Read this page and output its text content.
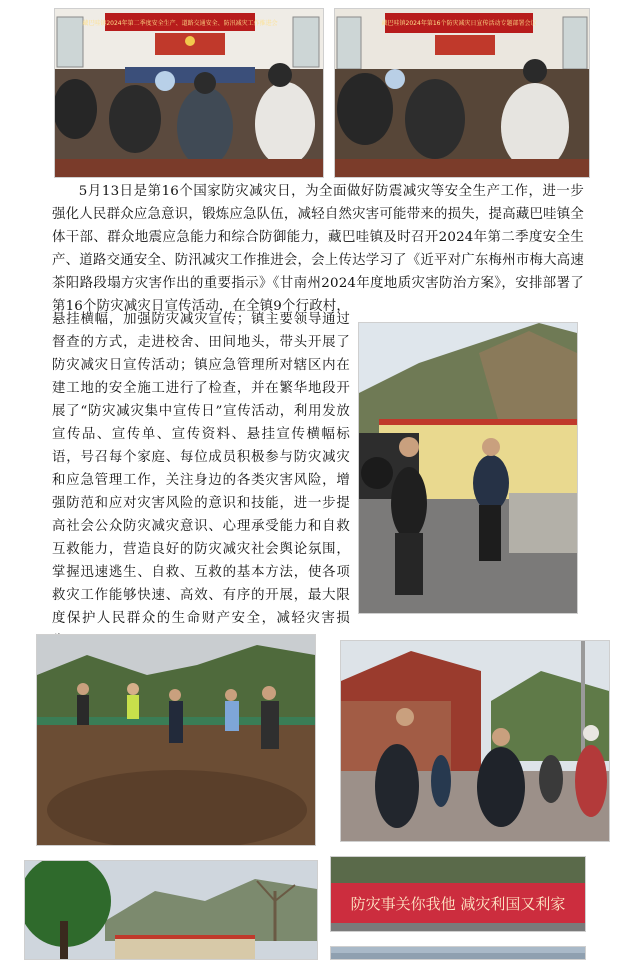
藏巴哇镇2024年第二季度安全生产、道路交通安全、防汛减灾工作推进会	藏巴哇镇2024年第16个防灾减灾日宣传活动专题部署会议

5月13日是第16个国家防灾减灾日，为全面做好防震减灾等安全生产工作，进一步强化人民群众应急意识，锻炼应急队伍，减轻自然灾害可能带来的损失，提高藏巴哇镇全体干部、群众地震应急能力和综合防御能力，藏巴哇镇及时召开2024年第二季度安全生产、道路交通安全、防汛减灾工作推进会，会上传达学习了《近平对广东梅州市梅大高速茶阳路段塌方灾害作出的重要指示》《甘南州2024年度地质灾害防治方案》，安排部署了第16个防灾减灾日宣传活动，在全镇9个行政村，

悬挂横幅，加强防灾减灾宣传；镇主要领导通过督查的方式，走进校舍、田间地头，带头开展了防灾减灾日宣传活动；镇应急管理所对辖区内在建工地的安全施工进行了检查，并在繁华地段开展了“防灾减灾集中宣传日”宣传活动，利用发放宣传品、宣传单、宣传资料、悬挂宣传横幅标语，号召每个家庭、每位成员积极参与防灾减灾和应急管理工作，关注身边的各类灾害风险，增强防范和应对灾害风险的意识和技能，进一步提高社会公众防灾减灾意识、心理承受能力和自救互救能力，营造良好的防灾减灾社会舆论氛围，掌握迅速逃生、自救、互救的基本方法，使各项救灾工作能够快速、高效、有序的开展，最大限度保护人民群众的生命财产安全，减轻灾害损

防灾事关你我他 减灾利国又利家
